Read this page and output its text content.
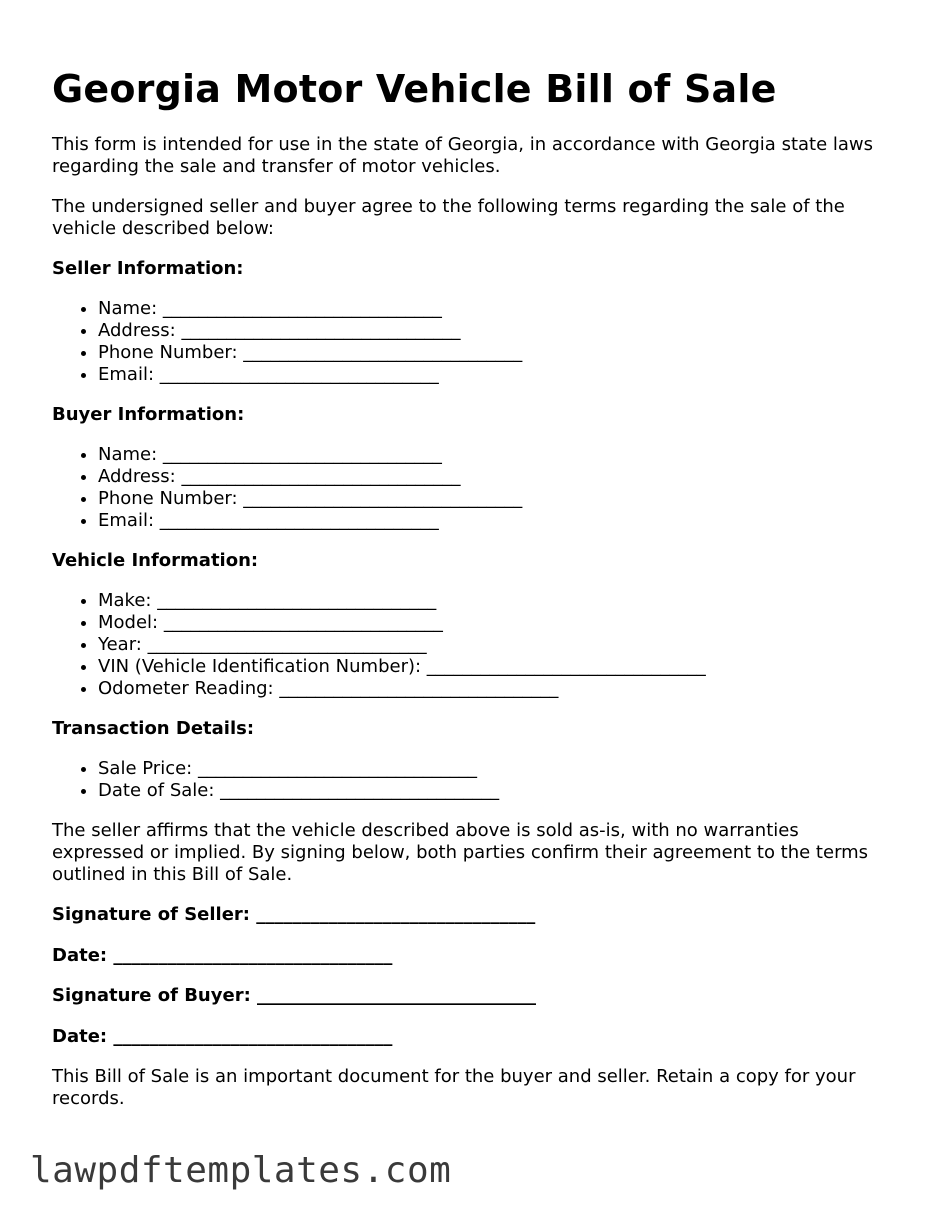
Georgia Motor Vehicle Bill of Sale

This form is intended for use in the state of Georgia, in accordance with Georgia state laws regarding the sale and transfer of motor vehicles.

The undersigned seller and buyer agree to the following terms regarding the sale of the vehicle described below:

Seller Information:
• Name: _______________________________
• Address: _______________________________
• Phone Number: _______________________________
• Email: _______________________________
Buyer Information:
• Name: _______________________________
• Address: _______________________________
• Phone Number: _______________________________
• Email: _______________________________
Vehicle Information:
• Make: _______________________________
• Model: _______________________________
• Year: _______________________________
• VIN (Vehicle Identification Number): _______________________________
• Odometer Reading: _______________________________
Transaction Details:
• Sale Price: _______________________________
• Date of Sale: _______________________________

The seller affirms that the vehicle described above is sold as-is, with no warranties expressed or implied. By signing below, both parties confirm their agreement to the terms outlined in this Bill of Sale.

Signature of Seller: _______________________________
Date: _______________________________
Signature of Buyer: _______________________________
Date: _______________________________

This Bill of Sale is an important document for the buyer and seller. Retain a copy for your records.

lawpdftemplates.com
